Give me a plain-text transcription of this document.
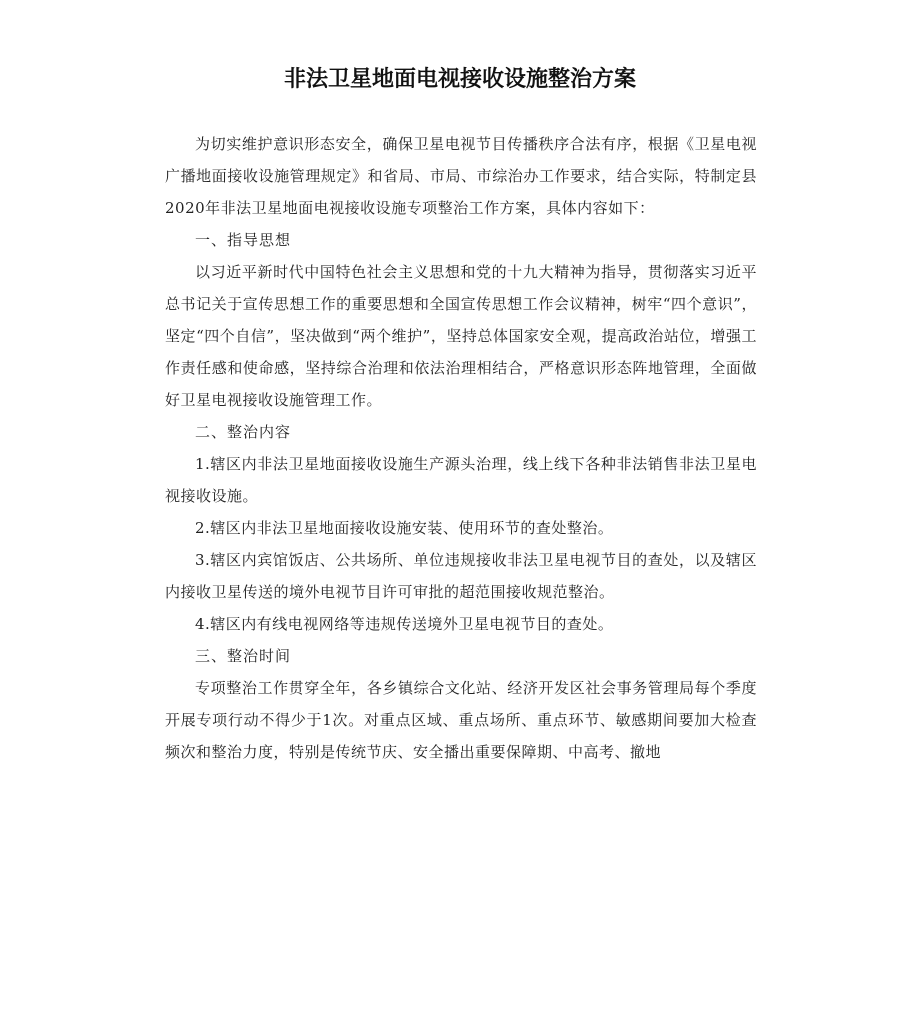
非法卫星地面电视接收设施整治方案

为切实维护意识形态安全，确保卫星电视节目传播秩序合法有序，根据《卫星电视广播地面接收设施管理规定》和省局、市局、市综治办工作要求，结合实际，特制定县2020年非法卫星地面电视接收设施专项整治工作方案，具体内容如下：

一、指导思想

以习近平新时代中国特色社会主义思想和党的十九大精神为指导，贯彻落实习近平总书记关于宣传思想工作的重要思想和全国宣传思想工作会议精神，树牢“四个意识”，坚定“四个自信”，坚决做到“两个维护”，坚持总体国家安全观，提高政治站位，增强工作责任感和使命感，坚持综合治理和依法治理相结合，严格意识形态阵地管理，全面做好卫星电视接收设施管理工作。

二、整治内容

1.辖区内非法卫星地面接收设施生产源头治理，线上线下各种非法销售非法卫星电视接收设施。

2.辖区内非法卫星地面接收设施安装、使用环节的查处整治。

3.辖区内宾馆饭店、公共场所、单位违规接收非法卫星电视节目的查处，以及辖区内接收卫星传送的境外电视节目许可审批的超范围接收规范整治。

4.辖区内有线电视网络等违规传送境外卫星电视节目的查处。

三、整治时间

专项整治工作贯穿全年，各乡镇综合文化站、经济开发区社会事务管理局每个季度开展专项行动不得少于1次。对重点区域、重点场所、重点环节、敏感期间要加大检查频次和整治力度，特别是传统节庆、安全播出重要保障期、中高考、撤地
